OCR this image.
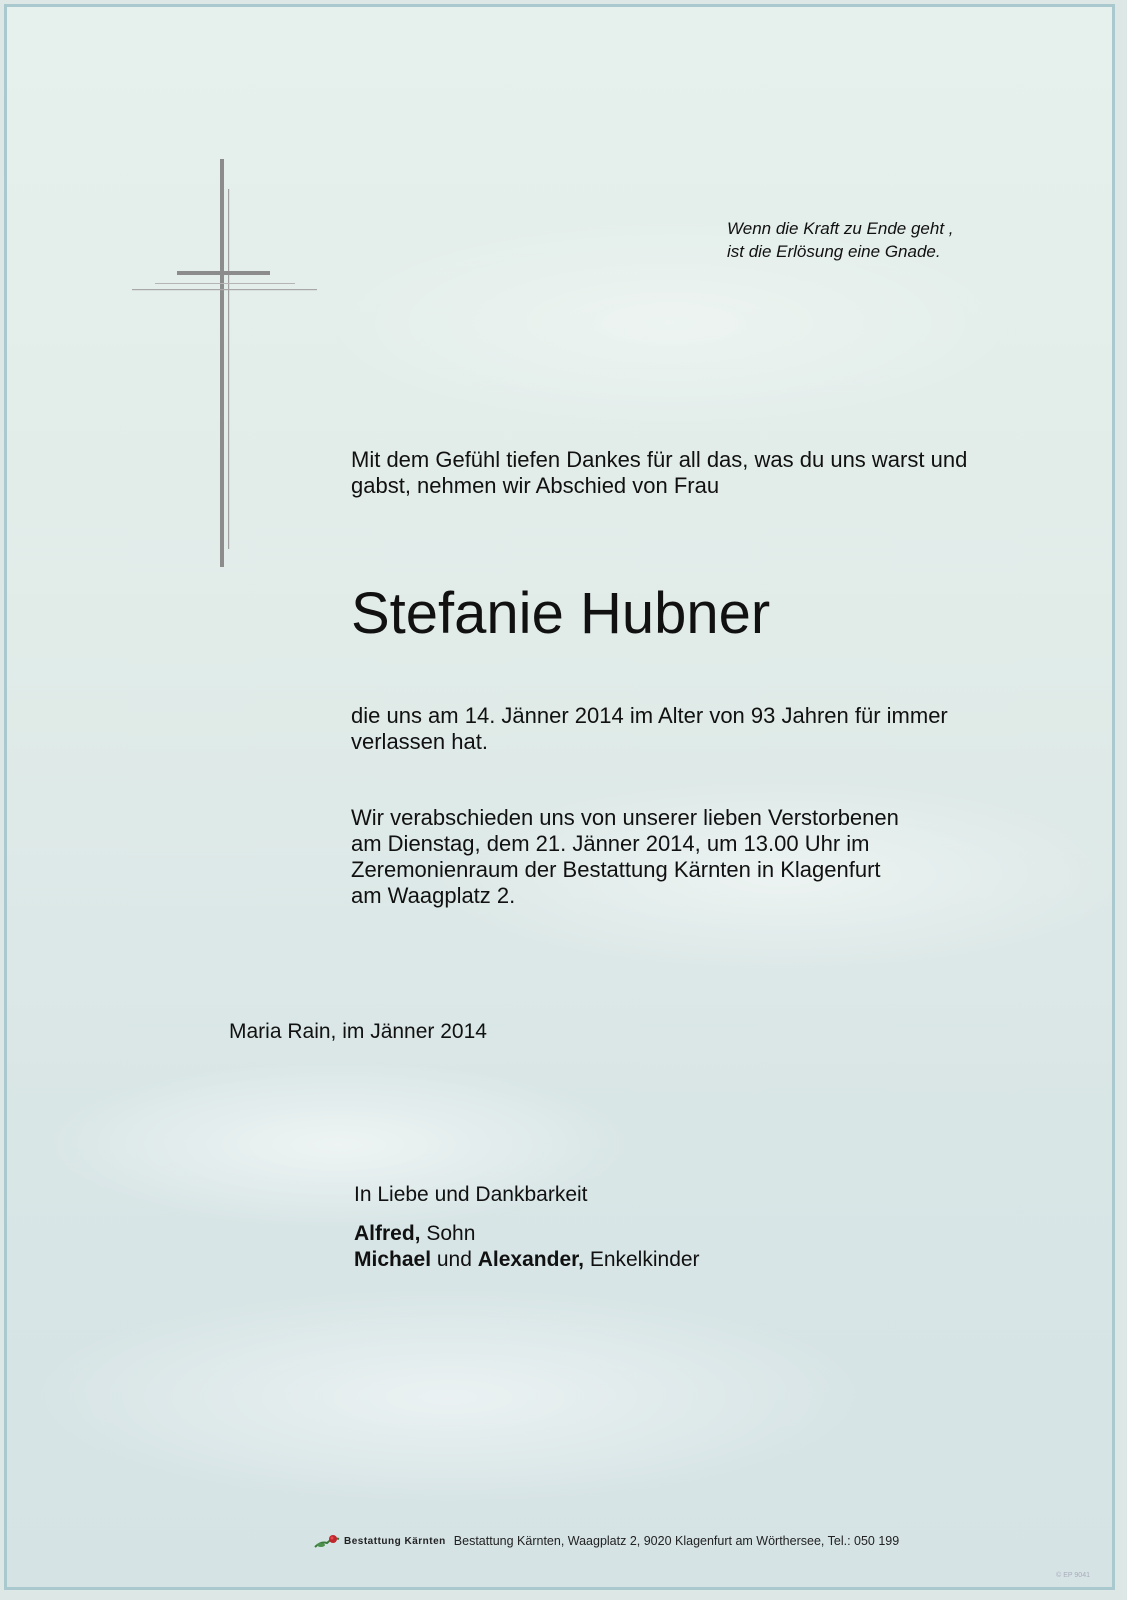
Wenn die Kraft zu Ende geht ,
ist die Erlösung eine Gnade.
Mit dem Gefühl tiefen Dankes für all das, was du uns warst und
gabst, nehmen wir Abschied von Frau
Stefanie Hubner
die uns am 14. Jänner 2014 im Alter von 93 Jahren für immer
verlassen hat.
Wir verabschieden uns von unserer lieben Verstorbenen
am Dienstag, dem 21. Jänner 2014, um 13.00 Uhr im
Zeremonienraum der Bestattung Kärnten in Klagenfurt
am Waagplatz 2.
Maria Rain, im Jänner 2014
In Liebe und Dankbarkeit
Alfred, Sohn
Michael und Alexander, Enkelkinder
Bestattung Kärnten Bestattung Kärnten, Waagplatz 2, 9020 Klagenfurt am Wörthersee, Tel.: 050 199
© EP 9041
